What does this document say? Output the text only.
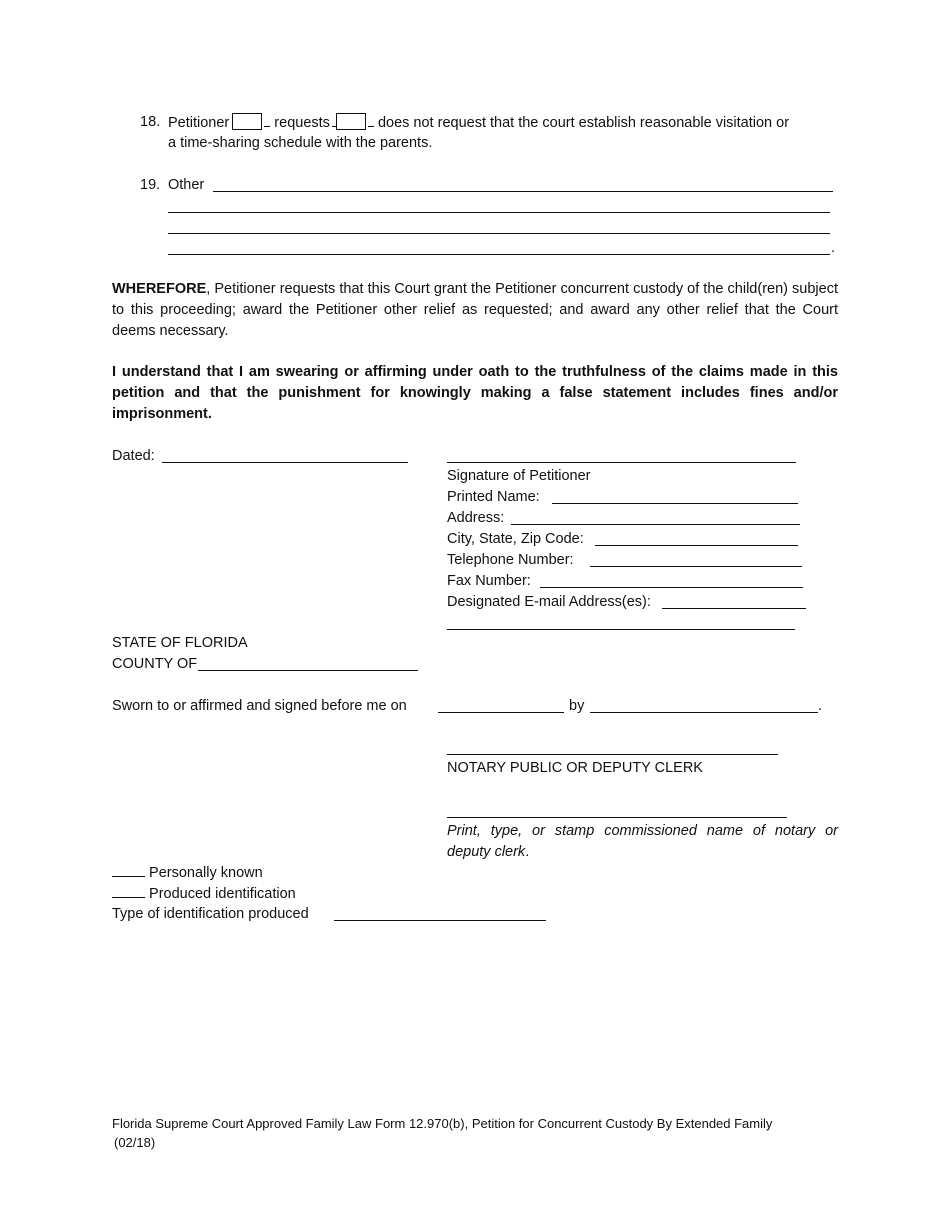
18. Petitioner	requests	does not request that the court establish reasonable visitation or
a time-sharing schedule with the parents.
19. Other
.
WHEREFORE, Petitioner requests that this Court grant the Petitioner concurrent custody of the child(ren) subject to this proceeding; award the Petitioner other relief as requested; and award any other relief that the Court deems necessary.
I understand that I am swearing or affirming under oath to the truthfulness of the claims made in this petition and that the punishment for knowingly making a false statement includes fines and/or imprisonment.
Dated:
Signature of Petitioner
Printed Name:
Address:
City, State, Zip Code:
Telephone Number:
Fax Number:
Designated E-mail Address(es):
STATE OF FLORIDA
COUNTY OF
Sworn to or affirmed and signed before me on	by	.
NOTARY PUBLIC OR DEPUTY CLERK
Print, type, or stamp commissioned name of notary or deputy clerk.
Personally known
Produced identification
Type of identification produced
Florida Supreme Court Approved Family Law Form 12.970(b), Petition for Concurrent Custody By Extended Family
(02/18)
